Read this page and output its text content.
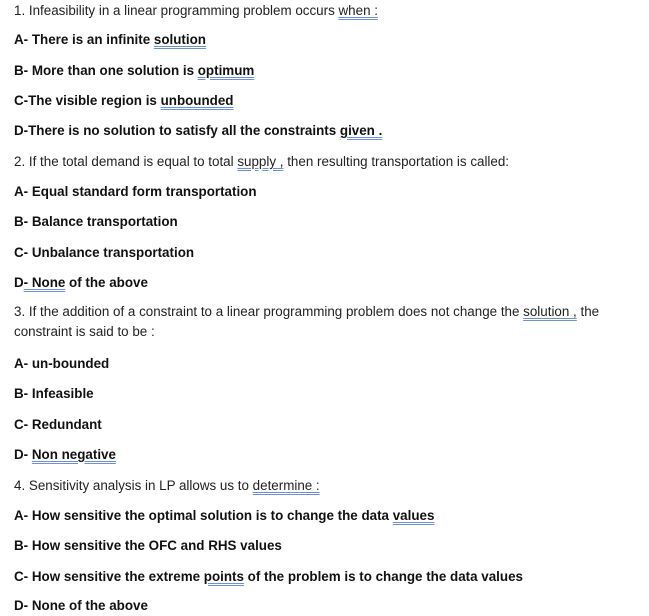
1. Infeasibility in a linear programming problem occurs when :
A- There is an infinite solution
B- More than one solution is optimum
C-The visible region is unbounded
D-There is no solution to satisfy all the constraints given .
2. If the total demand is equal to total supply , then resulting transportation is called:
A- Equal standard form transportation
B- Balance transportation
C- Unbalance transportation
D- None of the above
3. If the addition of a constraint to a linear programming problem does not change the solution , the constraint is said to be :
A- un-bounded
B- Infeasible
C- Redundant
D- Non negative
4. Sensitivity analysis in LP allows us to determine :
A- How sensitive the optimal solution is to change the data values
B- How sensitive the OFC and RHS values
C- How sensitive the extreme points of the problem is to change the data values
D- None of the above
